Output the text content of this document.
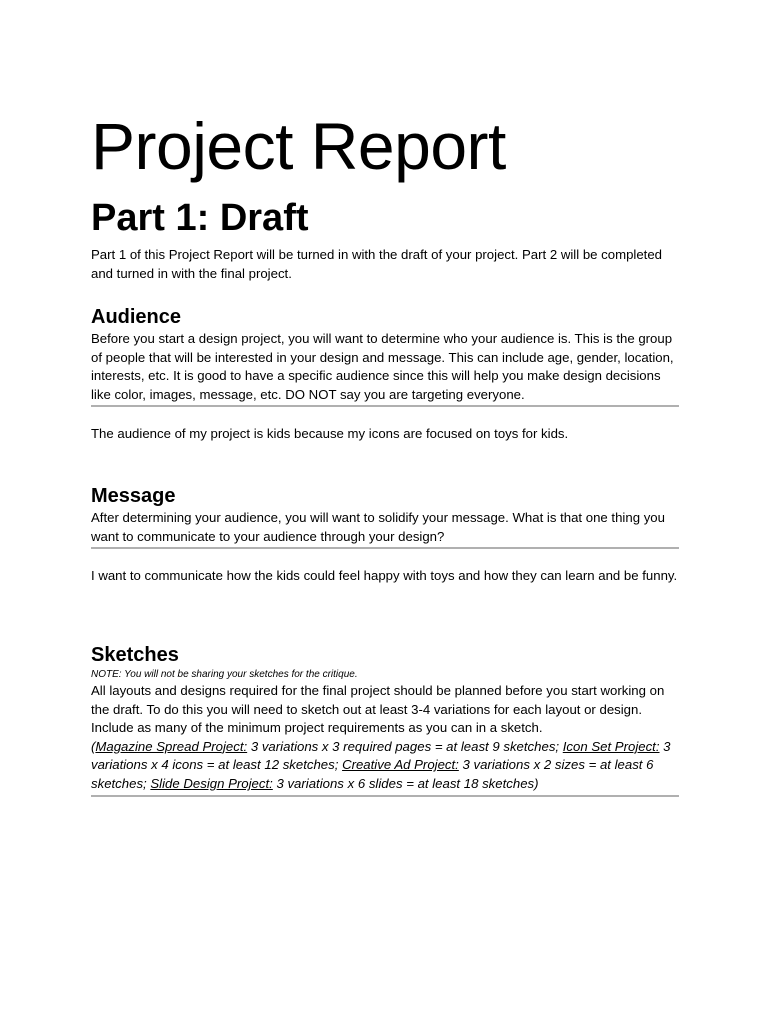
Project Report
Part 1: Draft

Part 1 of this Project Report will be turned in with the draft of your project. Part 2 will be completed and turned in with the final project.

Audience

Before you start a design project, you will want to determine who your audience is. This is the group of people that will be interested in your design and message. This can include age, gender, location, interests, etc. It is good to have a specific audience since this will help you make design decisions like color, images, message, etc. DO NOT say you are targeting everyone.

The audience of my project is kids because my icons are focused on toys for kids.

Message

After determining your audience, you will want to solidify your message. What is that one thing you want to communicate to your audience through your design?

I want to communicate how the kids could feel happy with toys and how they can learn and be funny.

Sketches

NOTE: You will not be sharing your sketches for the critique.

All layouts and designs required for the final project should be planned before you start working on the draft. To do this you will need to sketch out at least 3-4 variations for each layout or design. Include as many of the minimum project requirements as you can in a sketch.
(Magazine Spread Project: 3 variations x 3 required pages = at least 9 sketches; Icon Set Project: 3 variations x 4 icons = at least 12 sketches; Creative Ad Project: 3 variations x 2 sizes = at least 6 sketches; Slide Design Project: 3 variations x 6 slides = at least 18 sketches)
